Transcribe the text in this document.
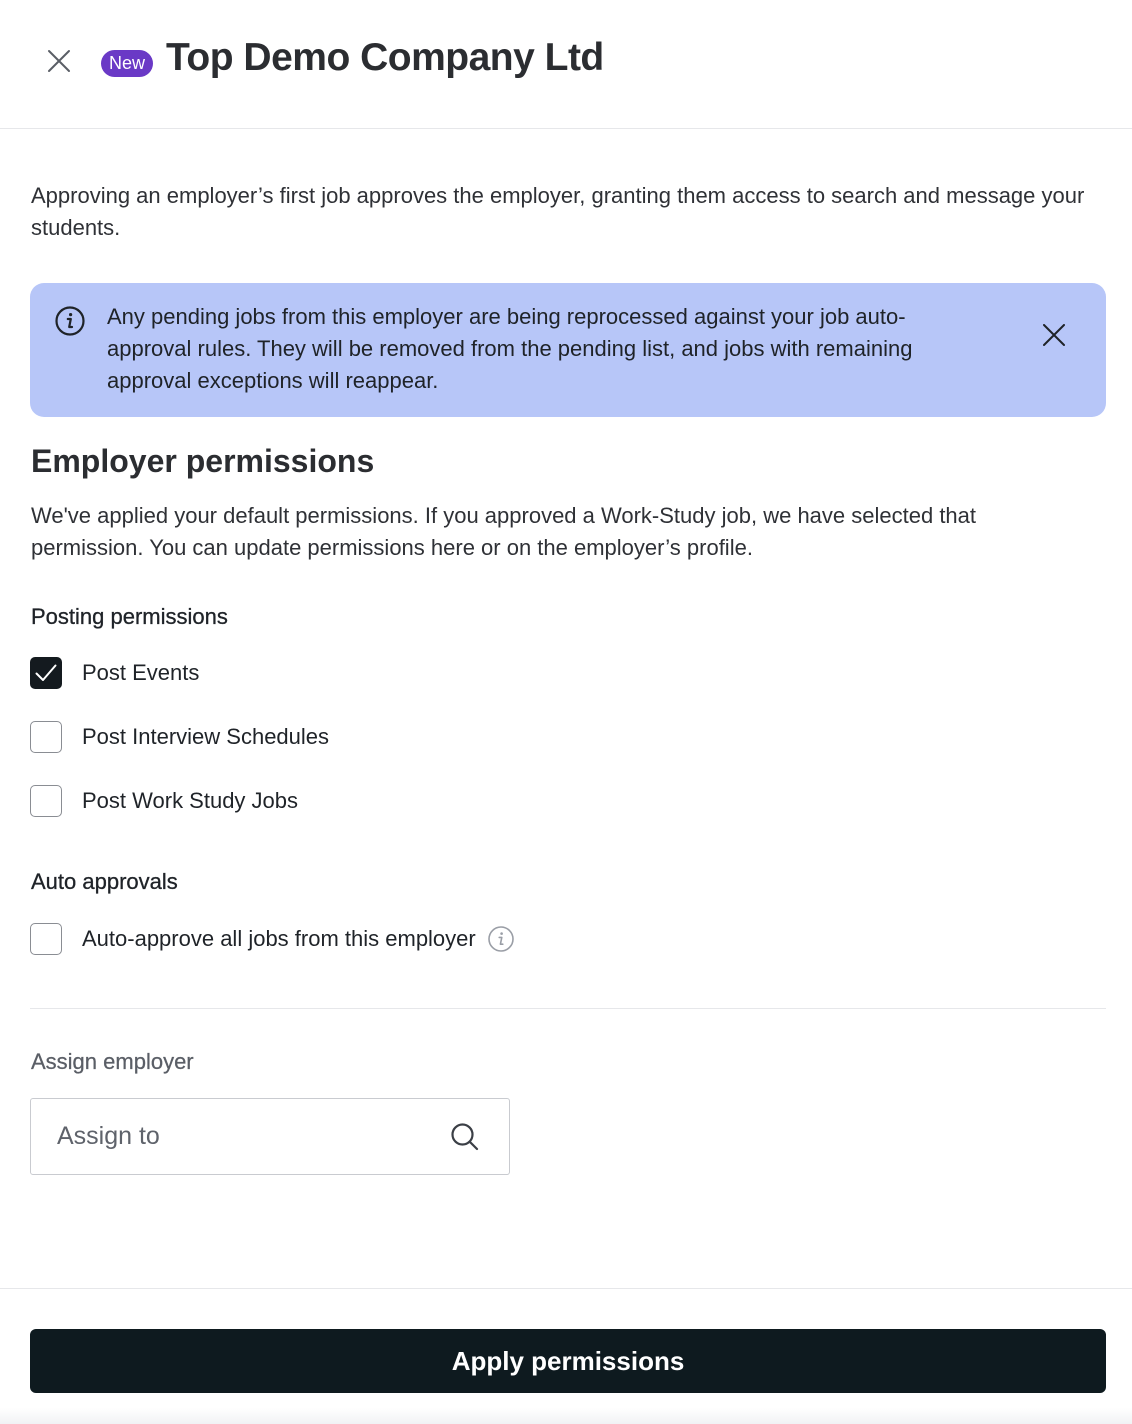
New Top Demo Company Ltd

Approving an employer’s first job approves the employer, granting them access to search and message your students.

Any pending jobs from this employer are being reprocessed against your job auto-approval rules. They will be removed from the pending list, and jobs with remaining approval exceptions will reappear.

Employer permissions

We've applied your default permissions. If you approved a Work-Study job, we have selected that permission. You can update permissions here or on the employer’s profile.

Posting permissions
Post Events
Post Interview Schedules
Post Work Study Jobs
Auto approvals
Auto-approve all jobs from this employer
Assign employer
Assign to
Apply permissions
